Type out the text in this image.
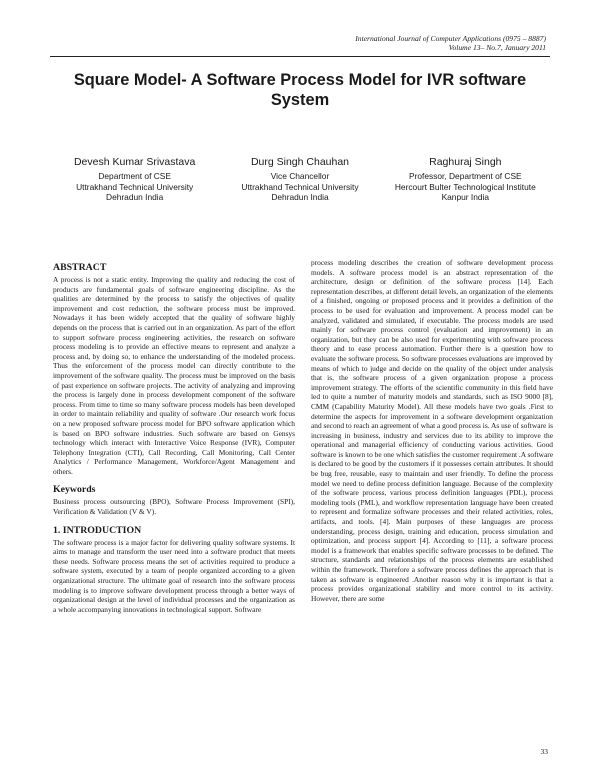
International Journal of Computer Applications (0975 – 8887)
Volume 13– No.7, January 2011
Square Model- A Software Process Model for IVR software System
Devesh Kumar Srivastava
Department of CSE
Uttrakhand Technical University
Dehradun India
Durg Singh Chauhan
Vice Chancellor
Uttrakhand Technical University
Dehradun India
Raghuraj Singh
Professor, Department of CSE
Hercourt Bulter Technological Institute
Kanpur India
ABSTRACT

A process is not a static entity. Improving the quality and reducing the cost of products are fundamental goals of software engineering discipline. As the qualities are determined by the process to satisfy the objectives of quality improvement and cost reduction, the software process must be improved. Nowadays it has been widely accepted that the quality of software highly depends on the process that is carried out in an organization. As part of the effort to support software process engineering activities, the research on software process modeling is to provide an effective means to represent and analyze a process and, by doing so, to enhance the understanding of the modeled process. Thus the enforcement of the process model can directly contribute to the improvement of the software quality. The process must be improved on the basis of past experience on software projects. The activity of analyzing and improving the process is largely done in process development component of the software process. From time to time so many software process models has been developed in order to maintain reliability and quality of software .Our research work focus on a new proposed software process model for BPO software application which is based on BPO software industries. Such software are based on Gensys technology which interact with Interactive Voice Response (IVR), Computer Telephony Integration (CTI), Call Recording, Call Monitoring, Call Center Analytics / Performance Management, Workforce/Agent Management and others.

Keywords

Business process outsourcing (BPO), Software Process Improvement (SPI), Verification & Validation (V & V).

1. INTRODUCTION

The software process is a major factor for delivering quality software systems. It aims to manage and transform the user need into a software product that meets these needs. Software process means the set of activities required to produce a software system, executed by a team of people organized according to a given organizational structure. The ultimate goal of research into the software process modeling is to improve software development process through a better ways of organizational design at the level of individual processes and the organization as a whole accompanying innovations in technological support. Software

process modeling describes the creation of software development process models. A software process model is an abstract representation of the architecture, design or definition of the software process [14]. Each representation describes, at different detail levels, an organization of the elements of a finished, ongoing or proposed process and it provides a definition of the process to be used for evaluation and improvement. A process model can be analyzed, validated and simulated, if executable. The process models are used mainly for software process control (evaluation and improvement) in an organization, but they can be also used for experimenting with software process theory and to ease process automation. Further there is a question how to evaluate the software process. So software processes evaluations are improved by means of which to judge and decide on the quality of the object under analysis that is, the software process of a given organization propose a process improvement strategy. The efforts of the scientific community in this field have led to quite a number of maturity models and standards, such as ISO 9000 [8], CMM (Capability Maturity Model). All these models have two goals .First to determine the aspects for improvement in a software development organization and second to reach an agreement of what a good process is. As use of software is increasing in business, industry and services due to its ability to improve the operational and managerial efficiency of conducting various activities. Good software is known to be one which satisfies the customer requirement .A software is declared to be good by the customers if it possesses certain attributes. It should be bug free, reusable, easy to maintain and user friendly. To define the process model we need to define process definition language. Because of the complexity of the software process, various process definition languages (PDL), process modeling tools (PML), and workflow representation language have been created to represent and formalize software processes and their related activities, roles, artifacts, and tools. [4]. Main purposes of these languages are process understanding, process design, training and education, process simulation and optimization, and process support [4]. According to [11], a software process model is a framework that enables specific software processes to be defined. The structure, standards and relationships of the process elements are established within the framework. Therefore a software process defines the approach that is taken as software is engineered .Another reason why it is important is that a process provides organizational stability and more control to its activity. However, there are some

33
